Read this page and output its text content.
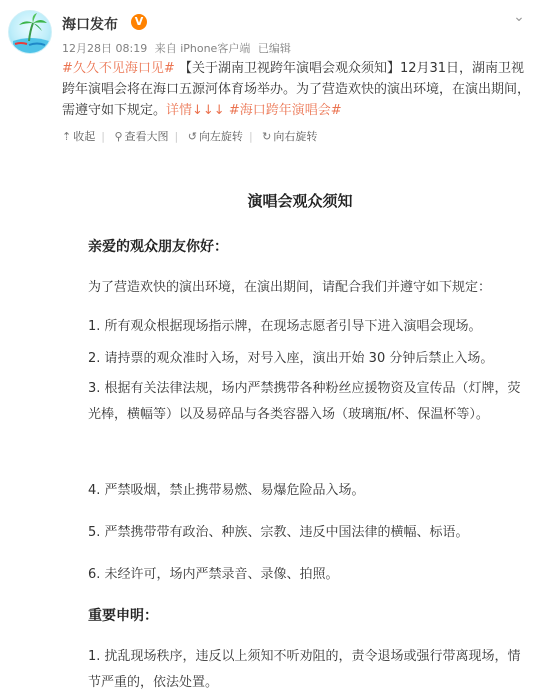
海口发布	V	⌄
12月28日 08:19 来自 iPhone客户端 已编辑
#久久不见海口见# 【关于湖南卫视跨年演唱会观众须知】12月31日，湖南卫视跨年演唱会将在海口五源河体育场举办。为了营造欢快的演出环境，在演出期间，需遵守如下规定。详情↓↓↓ #海口跨年演唱会#
⇡ 收起 | ⚲ 查看大图 | ↺ 向左旋转 | ↻ 向右旋转
演唱会观众须知
亲爱的观众朋友你好：
为了营造欢快的演出环境，在演出期间，请配合我们并遵守如下规定：
1. 所有观众根据现场指示牌，在现场志愿者引导下进入演唱会现场。
2. 请持票的观众准时入场，对号入座，演出开始 30 分钟后禁止入场。
3. 根据有关法律法规，场内严禁携带各种粉丝应援物资及宣传品（灯牌，荧光棒，横幅等）以及易碎品与各类容器入场（玻璃瓶/杯、保温杯等）。
4. 严禁吸烟，禁止携带易燃、易爆危险品入场。
5. 严禁携带带有政治、种族、宗教、违反中国法律的横幅、标语。
6. 未经许可，场内严禁录音、录像、拍照。
重要申明：
1. 扰乱现场秩序，违反以上须知不听劝阻的，责令退场或强行带离现场，情节严重的，依法处置。
